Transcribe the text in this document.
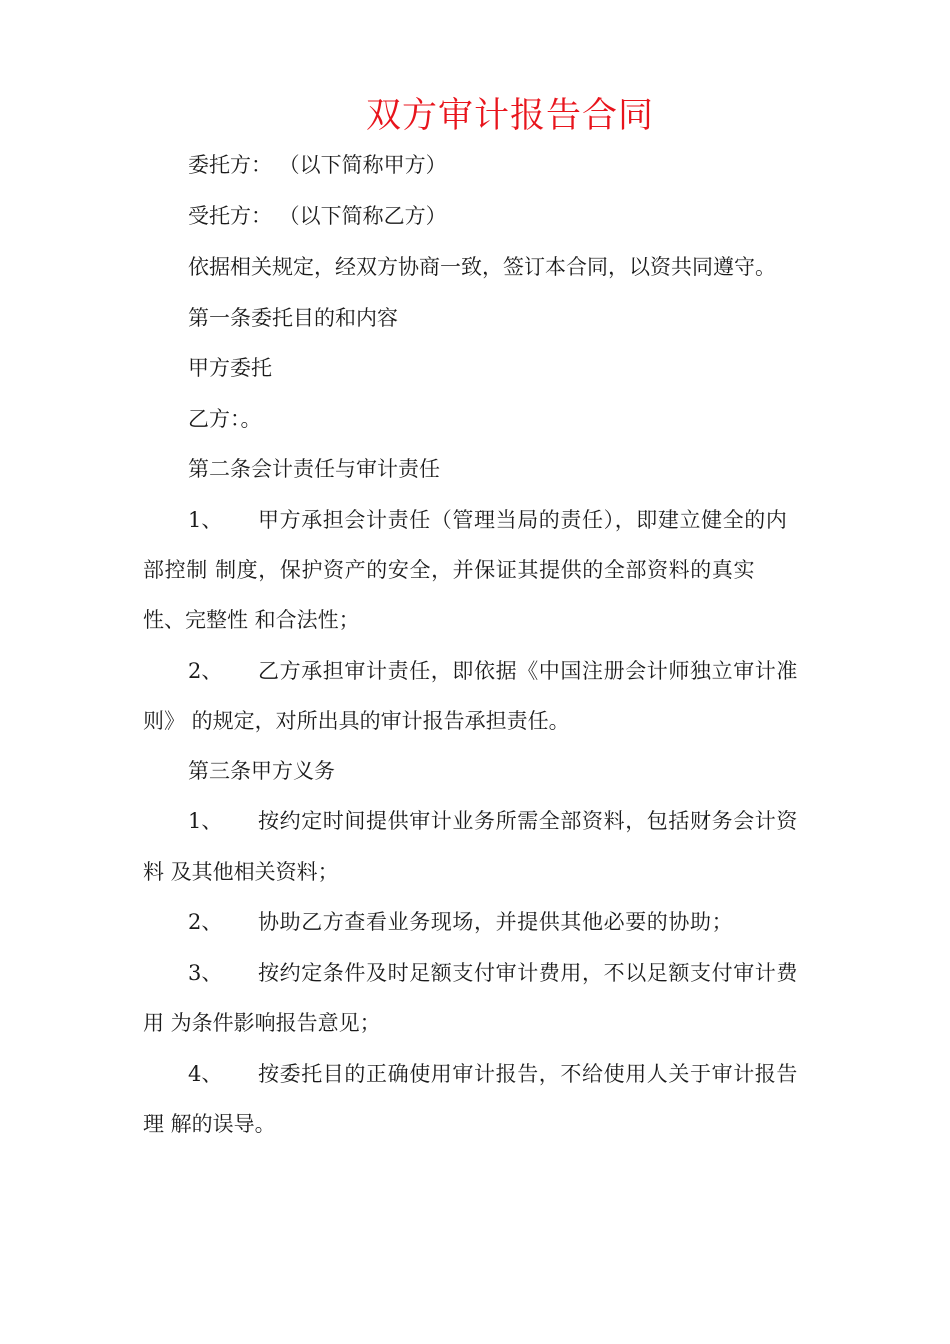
双方审计报告合同
委托方： （以下简称甲方）
受托方： （以下简称乙方）
依据相关规定，经双方协商一致，签订本合同，以资共同遵守。
第一条委托目的和内容
甲方委托
乙方：。
第二条会计责任与审计责任
1、 甲方承担会计责任（管理当局的责任），即建立健全的内
部控制 制度，保护资产的安全，并保证其提供的全部资料的真实
性、完整性 和合法性；
2、 乙方承担审计责任，即依据《中国注册会计师独立审计准
则》 的规定，对所出具的审计报告承担责任。
第三条甲方义务
1、 按约定时间提供审计业务所需全部资料，包括财务会计资
料 及其他相关资料；
2、 协助乙方查看业务现场，并提供其他必要的协助；
3、 按约定条件及时足额支付审计费用，不以足额支付审计费
用 为条件影响报告意见；
4、 按委托目的正确使用审计报告，不给使用人关于审计报告
理 解的误导。
